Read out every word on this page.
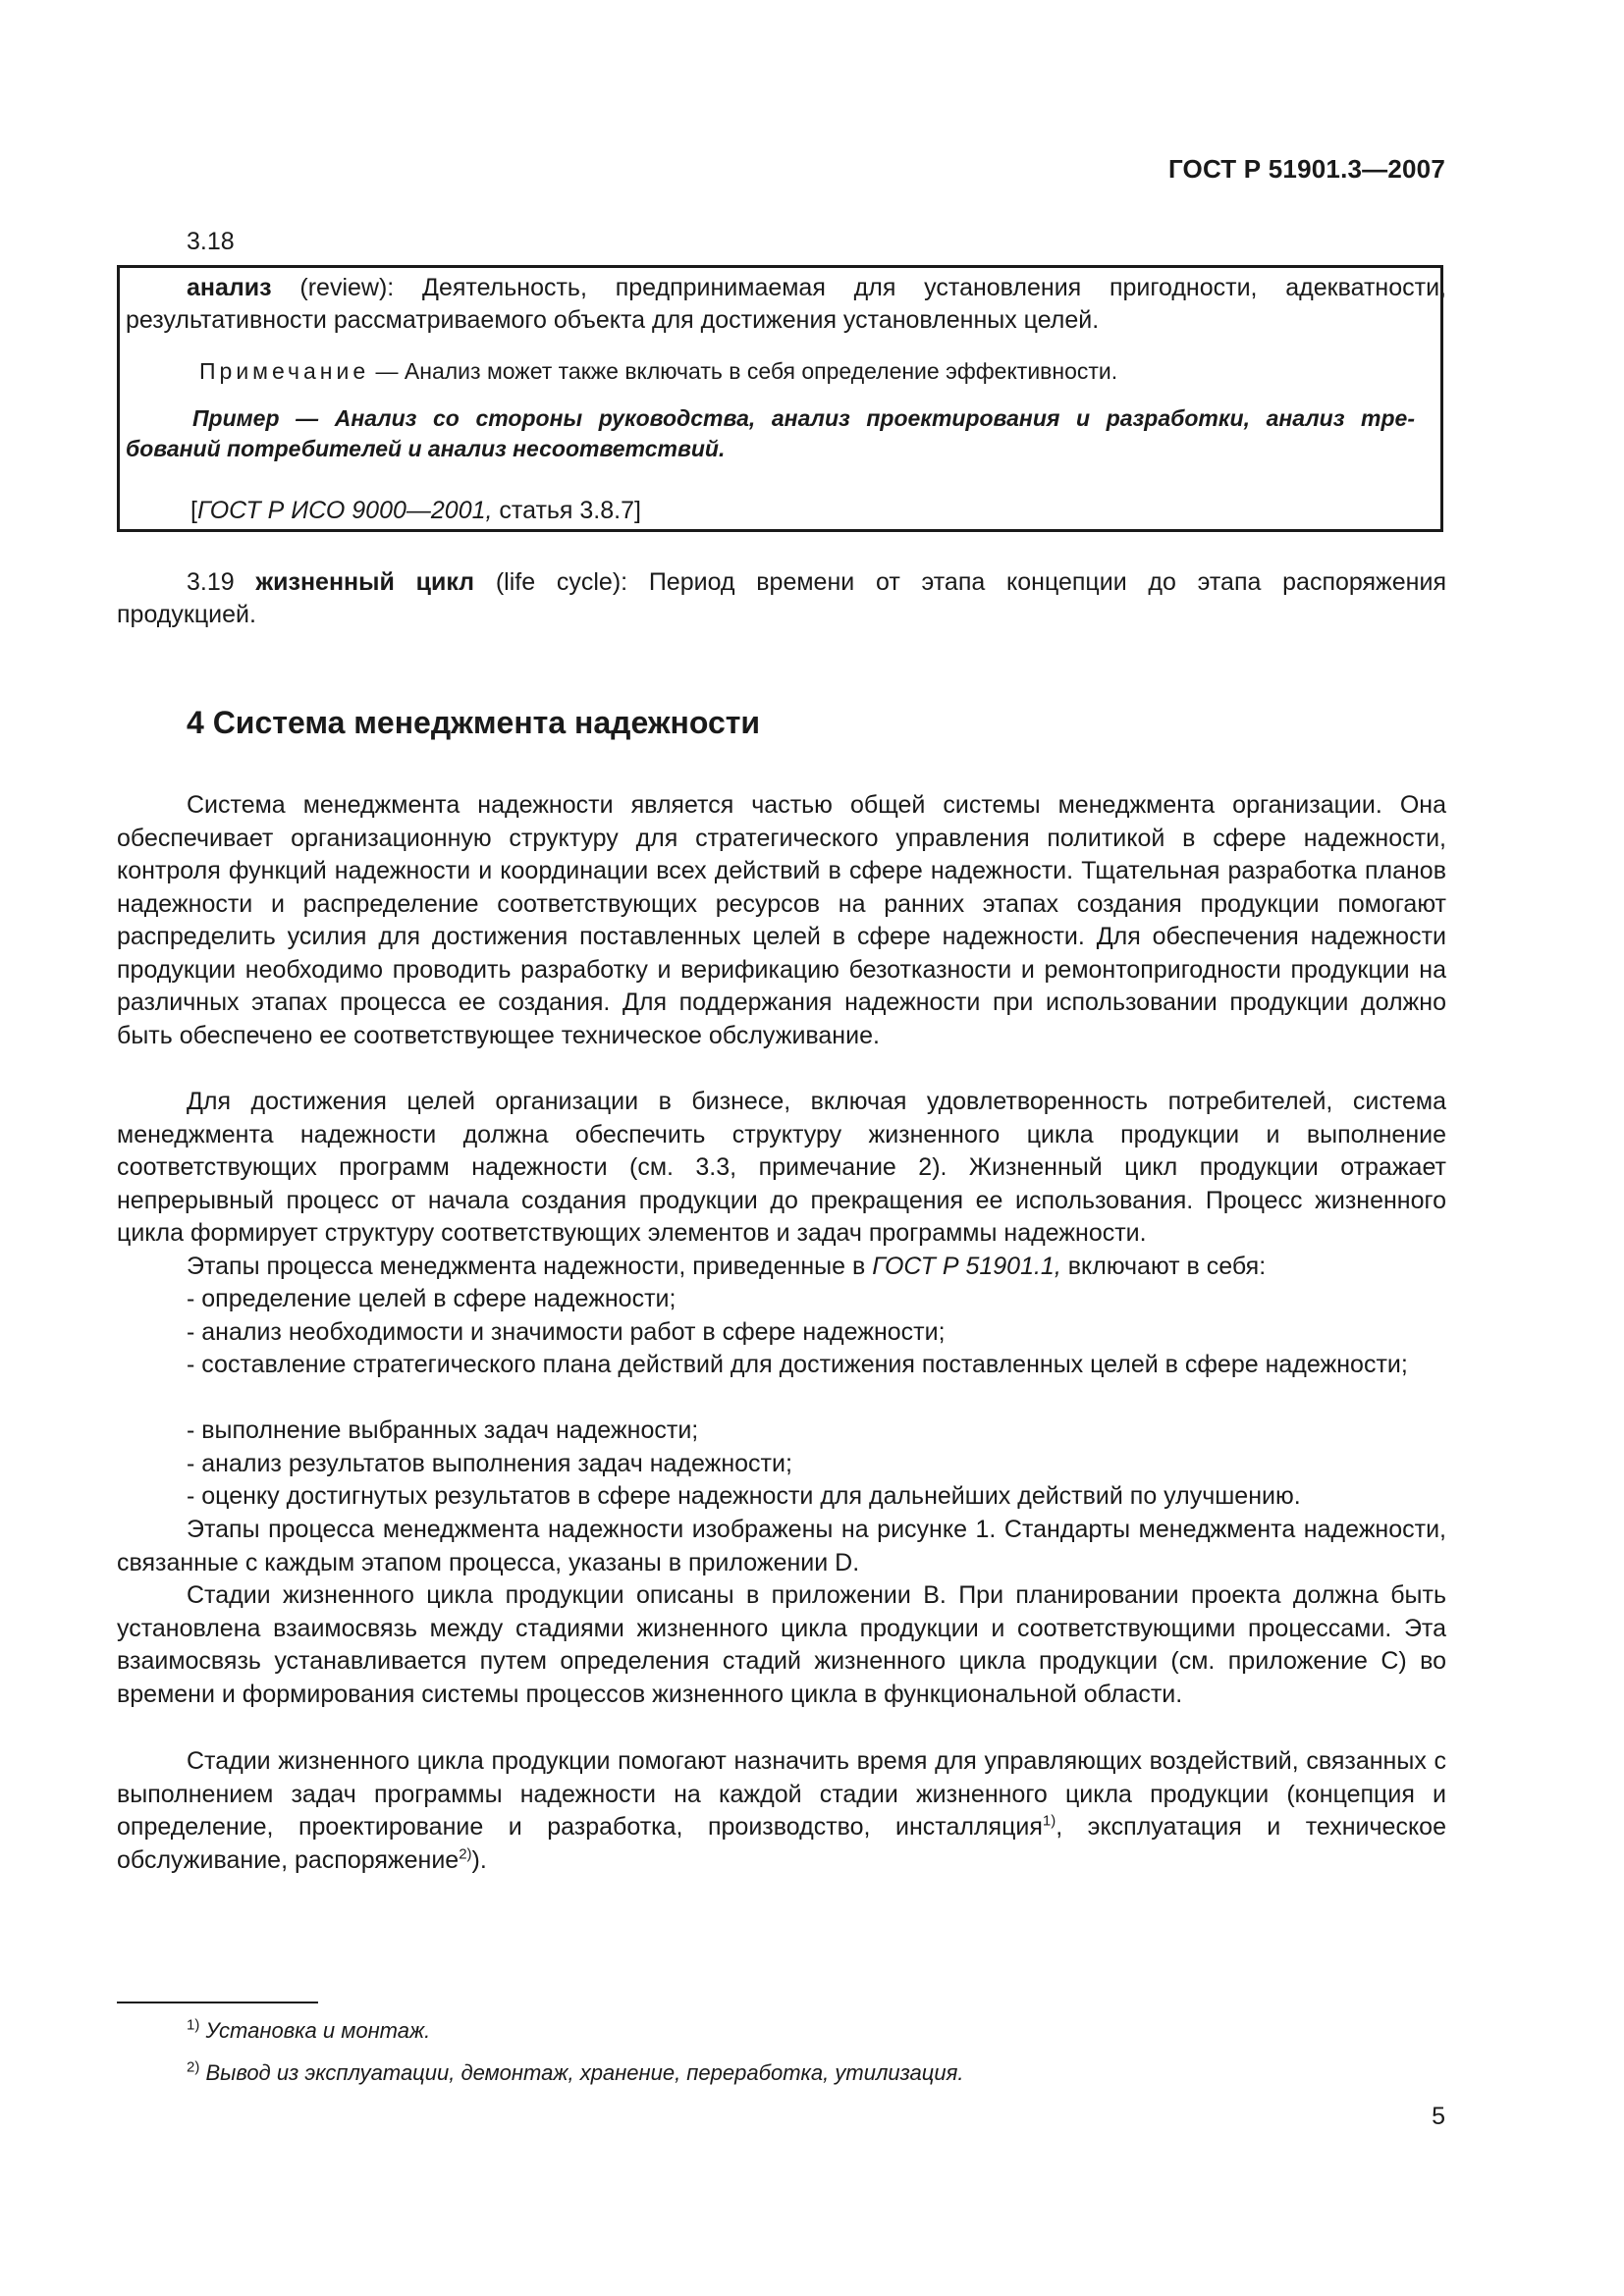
ГОСТ Р 51901.3—2007
3.18
анализ (review): Деятельность, предпринимаемая для установления пригодности, адекватности,
результативности рассматриваемого объекта для достижения установленных целей.
Примечание — Анализ может также включать в себя определение эффективности.
Пример — Анализ со стороны руководства, анализ проектирования и разработки, анализ тре-
бований потребителей и анализ несоответствий.
[ГОСТ Р ИСО 9000—2001, статья 3.8.7]
3.19 жизненный цикл (life cycle): Период времени от этапа концепции до этапа распоряжения
продукцией.
4 Система менеджмента надежности
Система менеджмента надежности является частью общей системы менеджмента организации. Она обеспечивает организационную структуру для стратегического управления политикой в сфере надежности, контроля функций надежности и координации всех действий в сфере надежности. Тщательная разработка планов надежности и распределение соответствующих ресурсов на ранних этапах создания продукции помогают распределить усилия для достижения поставленных целей в сфере надежности. Для обеспечения надежности продукции необходимо проводить разработку и верификацию безотказности и ремонтопригодности продукции на различных этапах процесса ее создания. Для поддержания надежности при использовании продукции должно быть обеспечено ее соответствующее техническое обслуживание.
Для достижения целей организации в бизнесе, включая удовлетворенность потребителей, система менеджмента надежности должна обеспечить структуру жизненного цикла продукции и выполнение соответствующих программ надежности (см. 3.3, примечание 2). Жизненный цикл продукции отражает непрерывный процесс от начала создания продукции до прекращения ее использования. Процесс жизненного цикла формирует структуру соответствующих элементов и задач программы надежности.
Этапы процесса менеджмента надежности, приведенные в ГОСТ Р 51901.1, включают в себя:
- определение целей в сфере надежности;
- анализ необходимости и значимости работ в сфере надежности;
- составление стратегического плана действий для достижения поставленных целей в сфере надежности;
- выполнение выбранных задач надежности;
- анализ результатов выполнения задач надежности;
- оценку достигнутых результатов в сфере надежности для дальнейших действий по улучшению.
Этапы процесса менеджмента надежности изображены на рисунке 1. Стандарты менеджмента надежности, связанные с каждым этапом процесса, указаны в приложении D.
Стадии жизненного цикла продукции описаны в приложении В. При планировании проекта должна быть установлена взаимосвязь между стадиями жизненного цикла продукции и соответствующими процессами. Эта взаимосвязь устанавливается путем определения стадий жизненного цикла продукции (см. приложение С) во времени и формирования системы процессов жизненного цикла в функциональной области.
Стадии жизненного цикла продукции помогают назначить время для управляющих воздействий, связанных с выполнением задач программы надежности на каждой стадии жизненного цикла продукции (концепция и определение, проектирование и разработка, производство, инсталляция$^{1)}$, эксплуатация и техническое обслуживание, распоряжение$^{2)}$).
$^{1)}$ Установка и монтаж.
$^{2)}$ Вывод из эксплуатации, демонтаж, хранение, переработка, утилизация.
5
